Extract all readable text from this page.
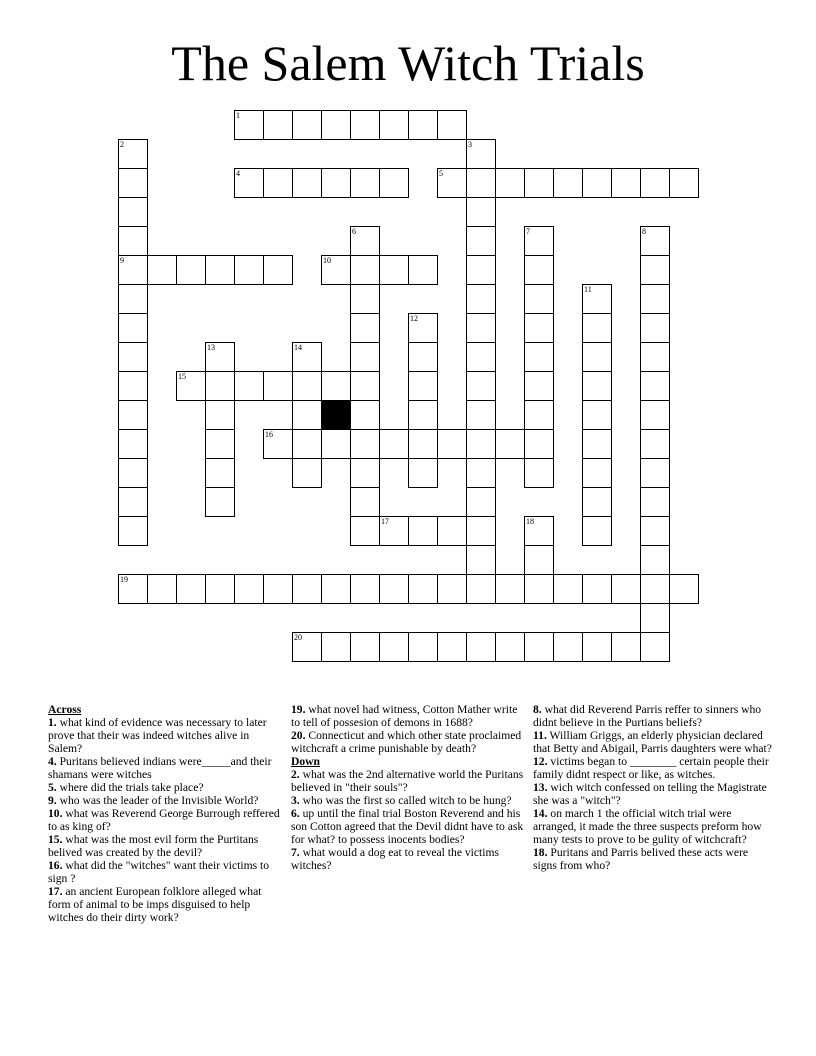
The Salem Witch Trials
1
2
9
3
4	5
6	7	8
10
11
12
13	14
15
16
17	18
19
20
Across
1. what kind of evidence was necessary to later prove that their was indeed witches alive in Salem?
4. Puritans believed indians were_____and their shamans were witches
5. where did the trials take place?
9. who was the leader of the Invisible World?
10. what was Reverend George Burrough reffered to as king of?
15. what was the most evil form the Purtitans belived was created by the devil?
16. what did the "witches" want their victims to sign ?
17. an ancient European folklore alleged what form of animal to be imps disguised to help witches do their dirty work?
19. what novel had witness, Cotton Mather write to tell of possesion of demons in 1688?
20. Connecticut and which other state proclaimed witchcraft a crime punishable by death?
Down
2. what was the 2nd alternative world the Puritans believed in "their souls"?
3. who was the first so called witch to be hung?
6. up until the final trial Boston Reverend and his son Cotton agreed that the Devil didnt have to ask for what? to possess inocents bodies?
7. what would a dog eat to reveal the victims witches?
8. what did Reverend Parris reffer to sinners who didnt believe in the Purtians beliefs?
11. William Griggs, an elderly physician declared that Betty and Abigail, Parris daughters were what?
12. victims began to ________ certain people their family didnt respect or like, as witches.
13. wich witch confessed on telling the Magistrate she was a "witch"?
14. on march 1 the official witch trial were arranged, it made the three suspects preform how many tests to prove to be gulity of witchcraft?
18. Puritans and Parris belived these acts were signs from who?
